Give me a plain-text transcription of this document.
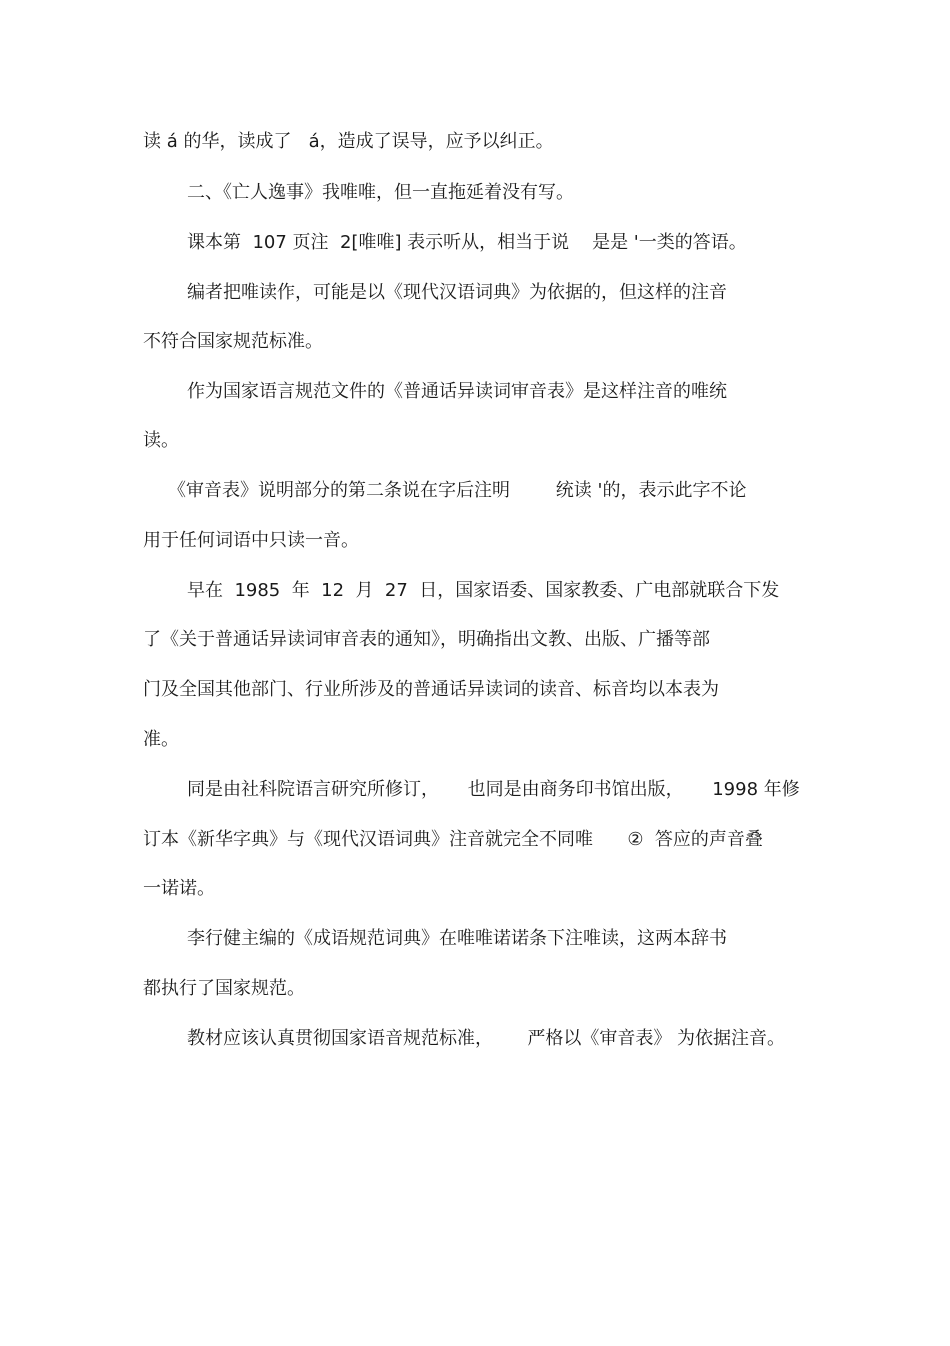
读 á 的华，读成了   á，造成了误导，应予以纠正。
二、《亡人逸事》我唯唯，但一直拖延着没有写。
课本第  107 页注  2[唯唯] 表示听从，相当于说    是是 '一类的答语。
编者把唯读作，可能是以《现代汉语词典》为依据的，但这样的注音
不符合国家规范标准。
作为国家语言规范文件的《普通话异读词审音表》是这样注音的唯统
读。
《审音表》说明部分的第二条说在字后注明        统读 '的，表示此字不论
用于任何词语中只读一音。
早在  1985  年  12  月  27  日，国家语委、国家教委、广电部就联合下发
了《关于普通话异读词审音表的通知》，明确指出文教、出版、广播等部
门及全国其他部门、行业所涉及的普通话异读词的读音、标音均以本表为
准。
同是由社科院语言研究所修订，     也同是由商务印书馆出版，     1998 年修
订本《新华字典》与《现代汉语词典》注音就完全不同唯      ②  答应的声音叠
一诺诺。
李行健主编的《成语规范词典》在唯唯诺诺条下注唯读，这两本辞书
都执行了国家规范。
教材应该认真贯彻国家语音规范标准，      严格以《审音表》 为依据注音。
